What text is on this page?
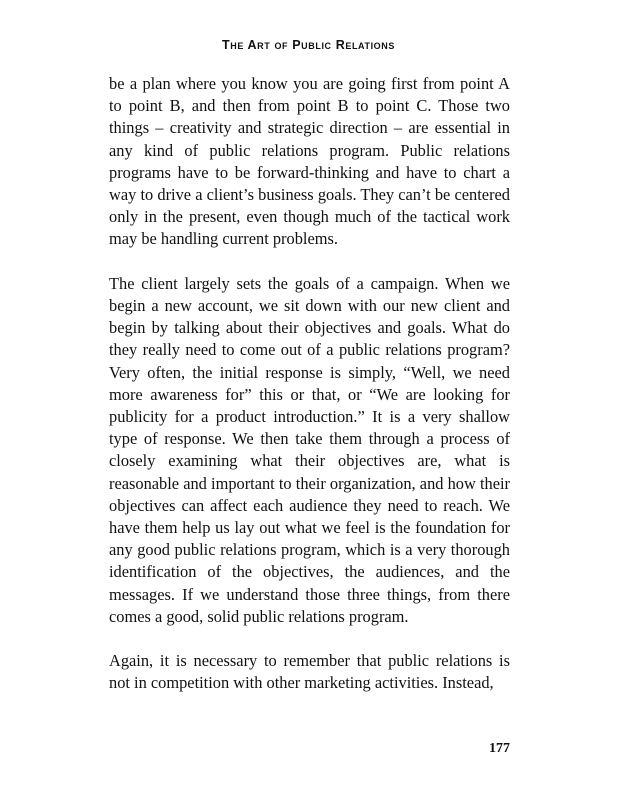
The Art of Public Relations

be a plan where you know you are going first from point A to point B, and then from point B to point C. Those two things – creativity and strategic direction – are essential in any kind of public relations program. Public relations programs have to be forward-thinking and have to chart a way to drive a client’s business goals. They can’t be centered only in the present, even though much of the tactical work may be handling current problems.

The client largely sets the goals of a campaign. When we begin a new account, we sit down with our new client and begin by talking about their objectives and goals. What do they really need to come out of a public relations program? Very often, the initial response is simply, “Well, we need more awareness for” this or that, or “We are looking for publicity for a product introduction.” It is a very shallow type of response. We then take them through a process of closely examining what their objectives are, what is reasonable and important to their organization, and how their objectives can affect each audience they need to reach. We have them help us lay out what we feel is the foundation for any good public relations program, which is a very thorough identification of the objectives, the audiences, and the messages. If we understand those three things, from there comes a good, solid public relations program.

Again, it is necessary to remember that public relations is not in competition with other marketing activities. Instead,

177
